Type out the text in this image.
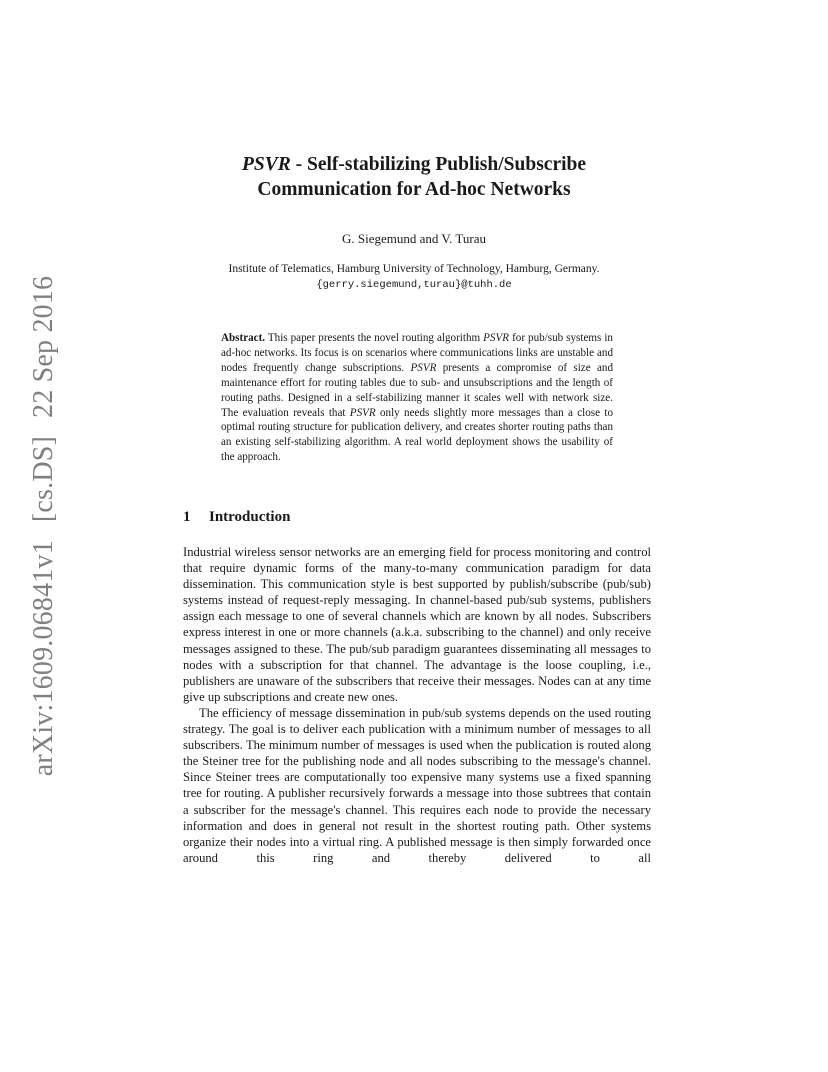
arXiv:1609.06841v1[cs.DS]22 Sep 2016
PSVR - Self-stabilizing Publish/Subscribe
Communication for Ad-hoc Networks
G. Siegemund and V. Turau
Institute of Telematics, Hamburg University of Technology, Hamburg, Germany.
{gerry.siegemund,turau}@tuhh.de
Abstract. This paper presents the novel routing algorithm PSVR for pub/sub systems in ad-hoc networks. Its focus is on scenarios where communications links are unstable and nodes frequently change subscriptions. PSVR presents a compromise of size and maintenance effort for routing tables due to sub- and unsubscriptions and the length of routing paths. Designed in a self-stabilizing manner it scales well with network size. The evaluation reveals that PSVR only needs slightly more messages than a close to optimal routing structure for publication delivery, and creates shorter routing paths than an existing self-stabilizing algorithm. A real world deployment shows the usability of the approach.
1 Introduction

Industrial wireless sensor networks are an emerging field for process monitoring and control that require dynamic forms of the many-to-many communication paradigm for data dissemination. This communication style is best supported by publish/subscribe (pub/sub) systems instead of request-reply messaging. In channel-based pub/sub systems, publishers assign each message to one of several channels which are known by all nodes. Subscribers express interest in one or more channels (a.k.a. subscribing to the channel) and only receive messages assigned to these. The pub/sub paradigm guarantees disseminating all messages to nodes with a subscription for that channel. The advantage is the loose coupling, i.e., publishers are unaware of the subscribers that receive their messages. Nodes can at any time give up subscriptions and create new ones.

The efficiency of message dissemination in pub/sub systems depends on the used routing strategy. The goal is to deliver each publication with a minimum number of messages to all subscribers. The minimum number of messages is used when the publication is routed along the Steiner tree for the publishing node and all nodes subscribing to the message's channel. Since Steiner trees are computationally too expensive many systems use a fixed spanning tree for routing. A publisher recursively forwards a message into those subtrees that contain a subscriber for the message's channel. This requires each node to provide the necessary information and does in general not result in the shortest routing path. Other systems organize their nodes into a virtual ring. A published message is then simply forwarded once around this ring and thereby delivered to all
